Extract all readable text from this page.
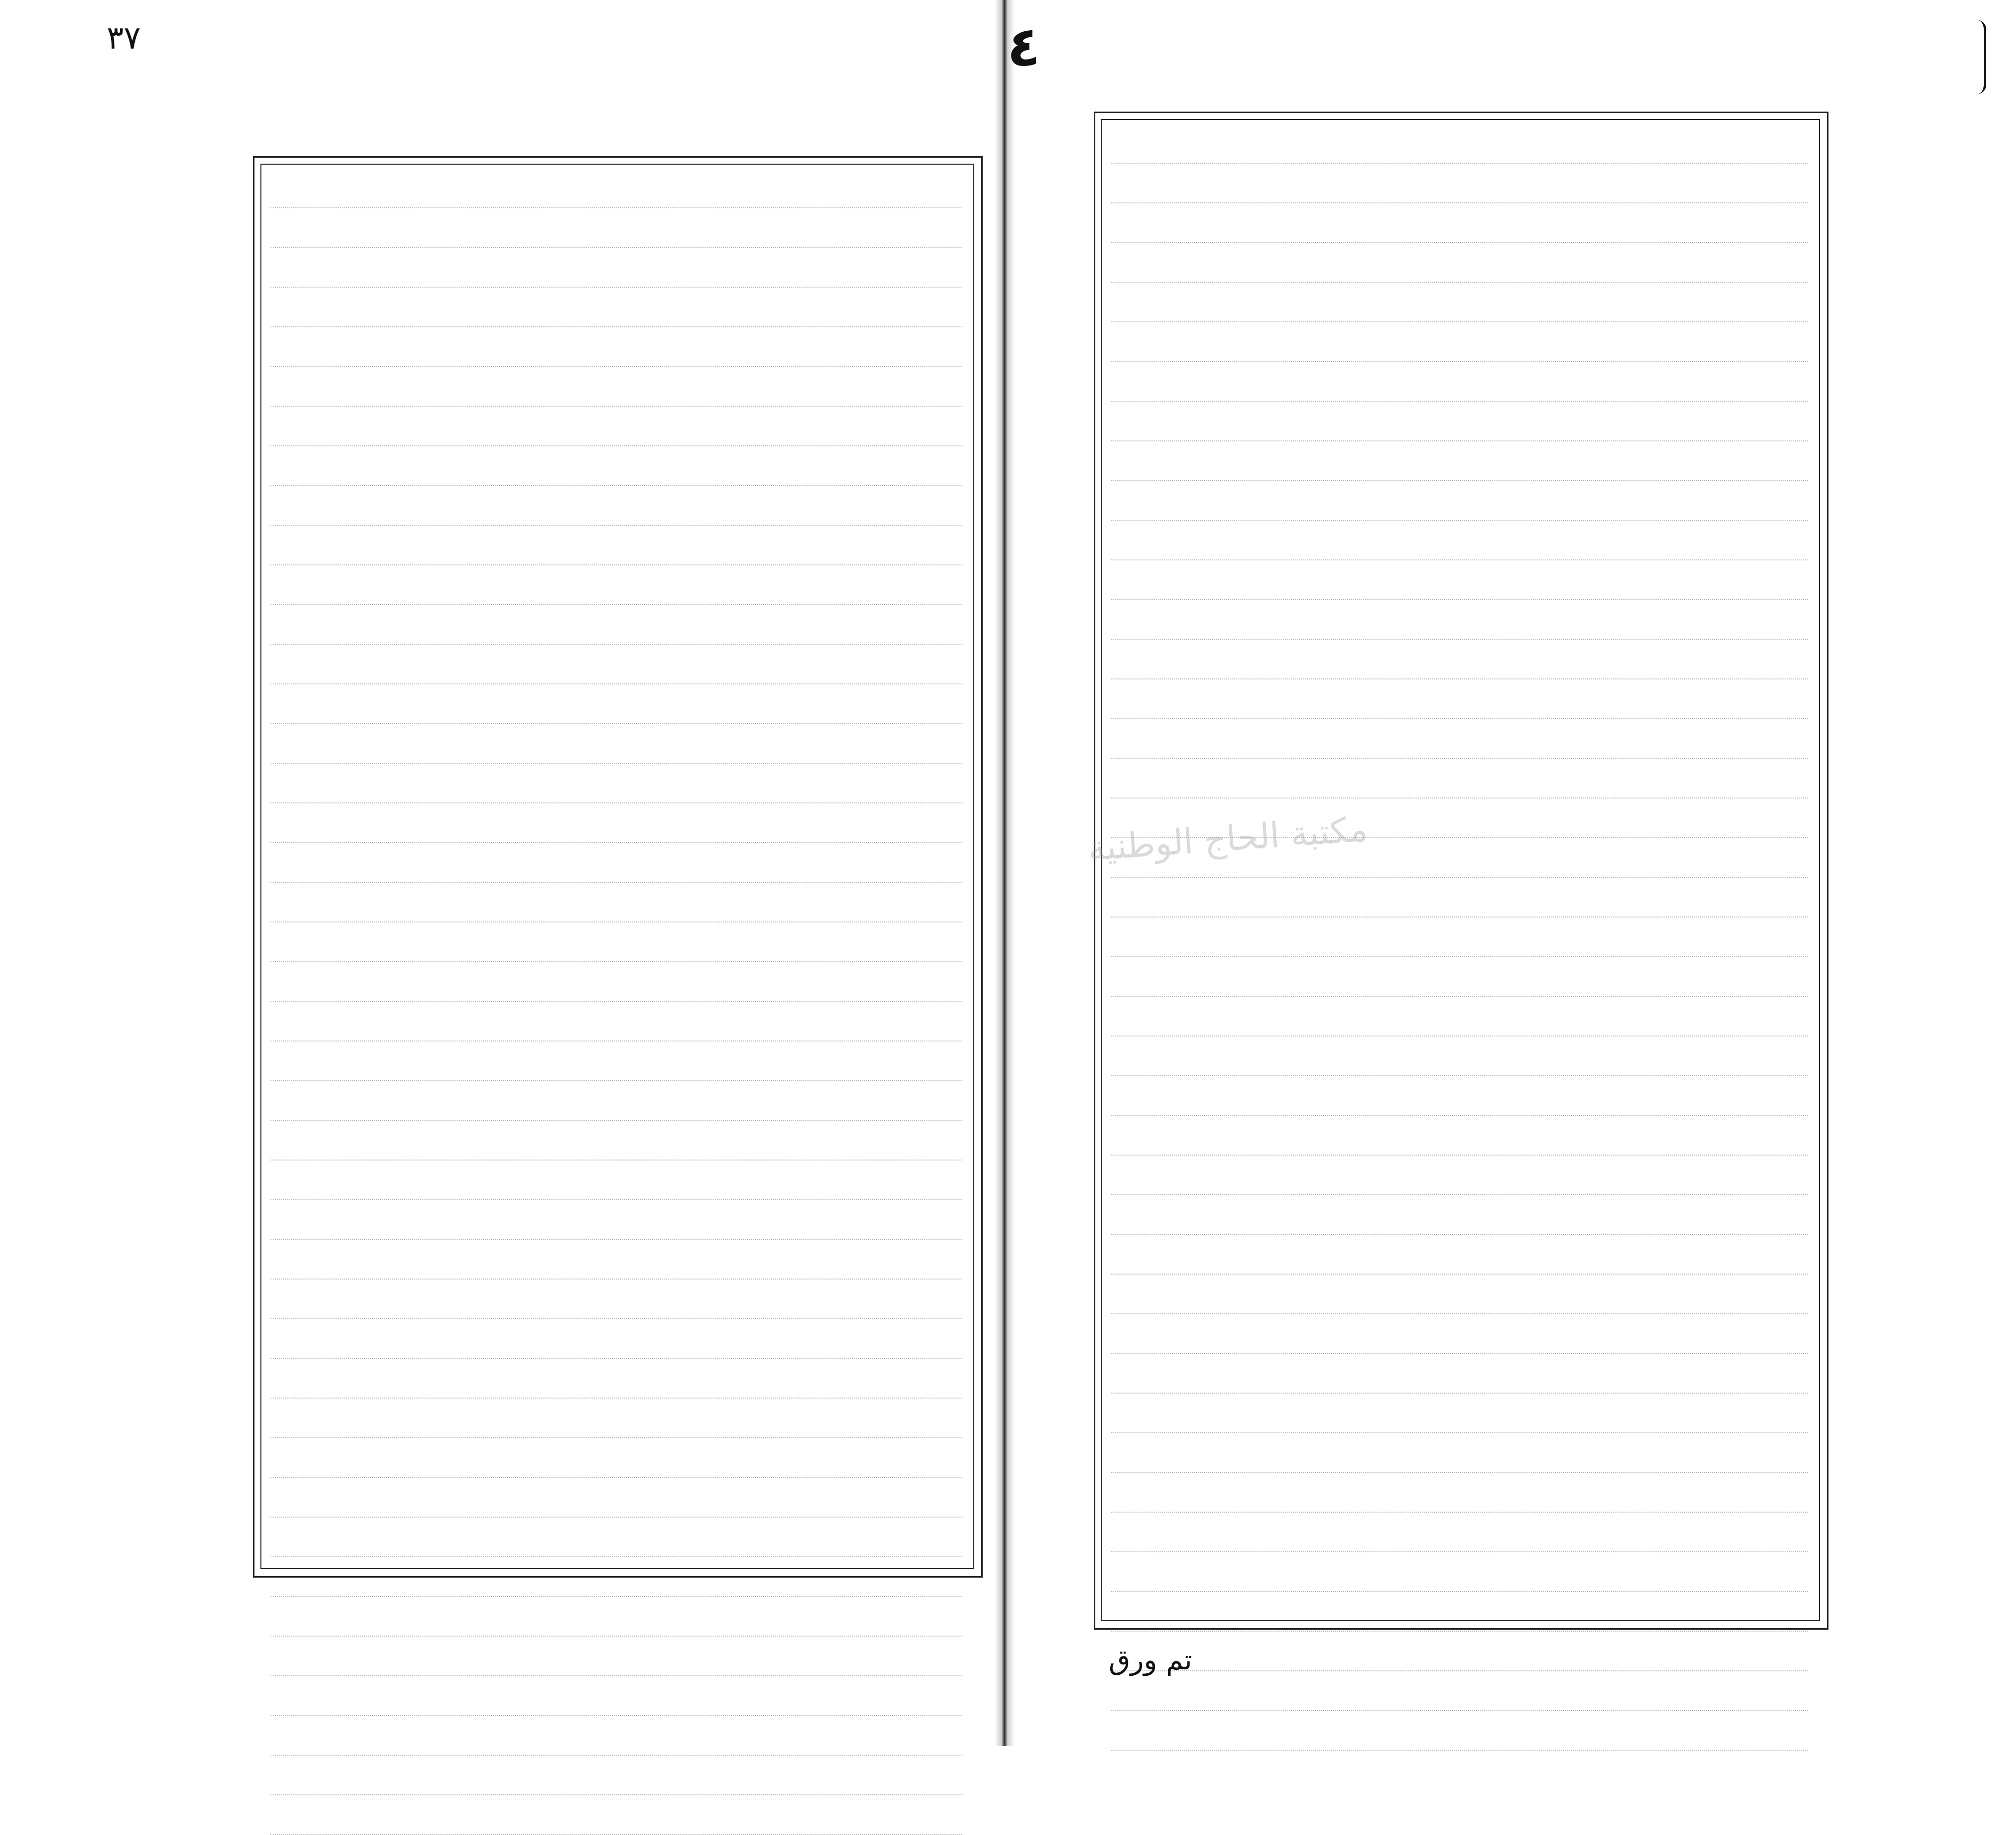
٣٧	٤
تم ورق
مكتبة الحاج الوطنية
